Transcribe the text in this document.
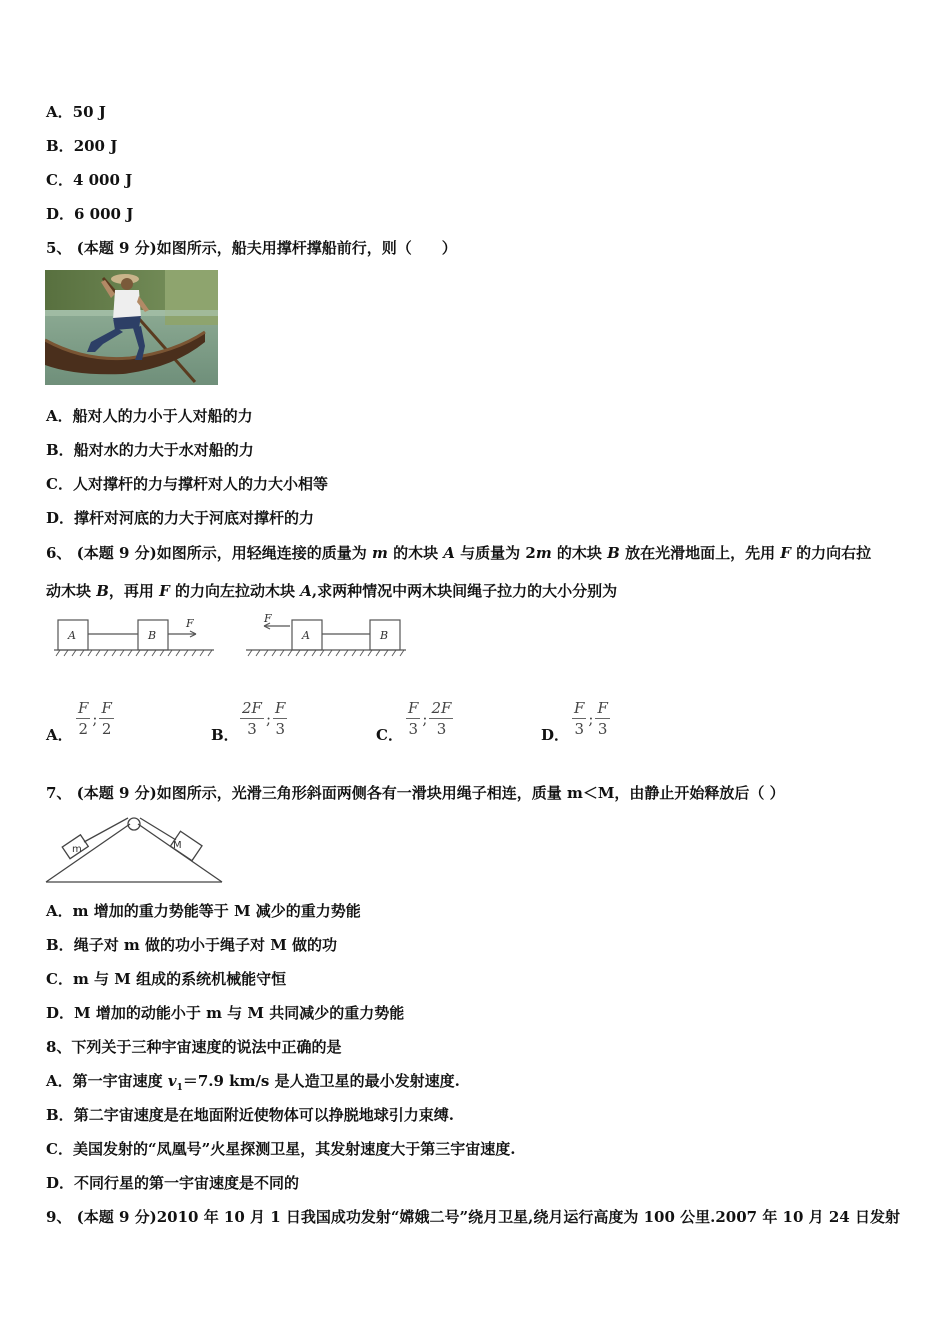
A．50 J
B．200 J
C．4 000 J
D．6 000 J
5、 (本题 9 分)如图所示，船夫用撑杆撑船前行，则（　　）
A．船对人的力小于人对船的力
B．船对水的力大于水对船的力
C．人对撑杆的力与撑杆对人的力大小相等
D．撑杆对河底的力大于河底对撑杆的力
6、 (本题 9 分)如图所示，用轻绳连接的质量为 m 的木块 A 与质量为 2m 的木块 B 放在光滑地面上，先用 F 的力向右拉
动木块 B，再用 F 的力向左拉动木块 A,求两种情况中两木块间绳子拉力的大小分别为
A	B
F	F
A	B
A． $\frac{F}{2}$ ; $\frac{F}{2}$	B． $\frac{2F}{3}$ ; $\frac{F}{3}$	C． $\frac{F}{3}$ ; $\frac{2F}{3}$	D． $\frac{F}{3}$ ; $\frac{F}{3}$
7、 (本题 9 分)如图所示，光滑三角形斜面两侧各有一滑块用绳子相连，质量 m＜M，由静止开始释放后（ ）
m	M
A．m 增加的重力势能等于 M 减少的重力势能
B．绳子对 m 做的功小于绳子对 M 做的功
C．m 与 M 组成的系统机械能守恒
D．M 增加的动能小于 m 与 M 共同减少的重力势能
8、下列关于三种宇宙速度的说法中正确的是
A．第一宇宙速度 $v_1=7.9$ km/s 是人造卫星的最小发射速度.
B．第二宇宙速度是在地面附近使物体可以挣脱地球引力束缚.
C．美国发射的“凤凰号”火星探测卫星，其发射速度大于第三宇宙速度.
D．不同行星的第一宇宙速度是不同的
9、 (本题 9 分)2010 年 10 月 1 日我国成功发射“嫦娥二号”绕月卫星,绕月运行高度为 100 公里.2007 年 10 月 24 日发射
